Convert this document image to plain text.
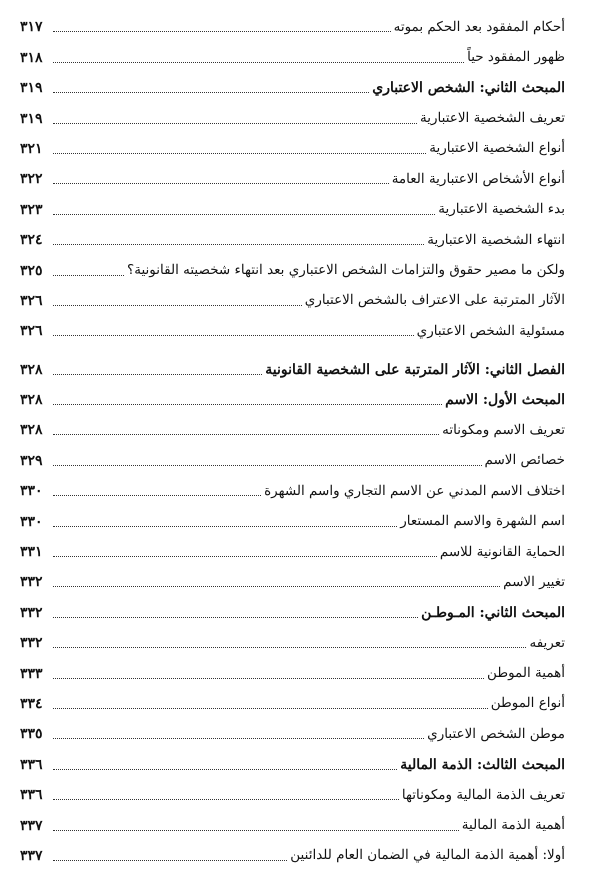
أحكام المفقود بعد الحكم بموته
٣١٧
ظهور المفقود حياً
٣١٨
المبحث الثاني: الشخص الاعتباري
٣١٩
تعريف الشخصية الاعتبارية
٣١٩
أنواع الشخصية الاعتبارية
٣٢١
أنواع الأشخاص الاعتبارية العامة
٣٢٢
بدء الشخصية الاعتبارية
٣٢٣
انتهاء الشخصية الاعتبارية
٣٢٤
ولكن ما مصير حقوق والتزامات الشخص الاعتباري بعد انتهاء شخصيته القانونية؟
٣٢٥
الآثار المترتبة على الاعتراف بالشخص الاعتباري
٣٢٦
مسئولية الشخص الاعتباري
٣٢٦
الفصل الثاني: الآثار المترتبة على الشخصية القانونية
٣٢٨
المبحث الأول: الاسم
٣٢٨
تعريف الاسم ومكوناته
٣٢٨
خصائص الاسم
٣٢٩
اختلاف الاسم المدني عن الاسم التجاري واسم الشهرة
٣٣٠
اسم الشهرة والاسم المستعار
٣٣٠
الحماية القانونية للاسم
٣٣١
تغيير الاسم
٣٣٢
المبحث الثاني: المـوطـن
٣٣٢
تعريفه
٣٣٢
أهمية الموطن
٣٣٣
أنواع الموطن
٣٣٤
موطن الشخص الاعتباري
٣٣٥
المبحث الثالث: الذمة المالية
٣٣٦
تعريف الذمة المالية ومكوناتها
٣٣٦
أهمية الذمة المالية
٣٣٧
أولا: أهمية الذمة المالية في الضمان العام للدائنين
٣٣٧
